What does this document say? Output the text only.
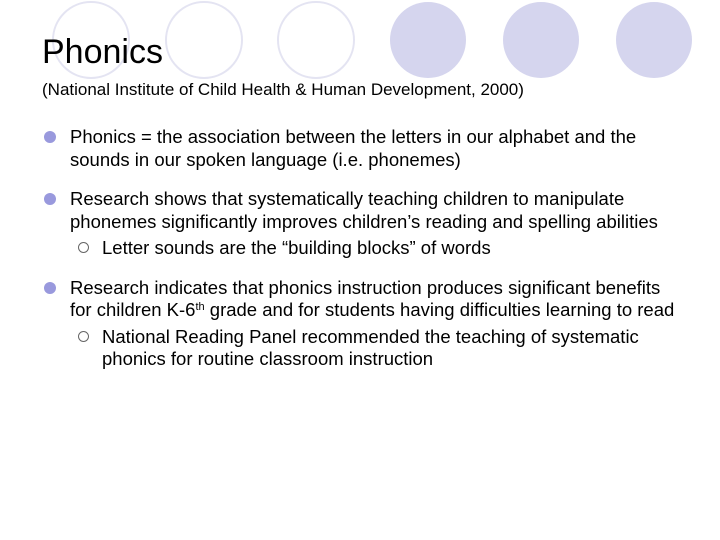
Phonics
(National Institute of Child Health & Human Development, 2000)
Phonics = the association between the letters in our alphabet and the sounds in our spoken language (i.e. phonemes)
Research shows that systematically teaching children to manipulate phonemes significantly improves children’s reading and spelling abilities
Letter sounds are the “building blocks” of words
Research indicates that phonics instruction produces significant benefits for children K-6th grade and for students having difficulties learning to read
National Reading Panel recommended the teaching of systematic phonics for routine classroom instruction
